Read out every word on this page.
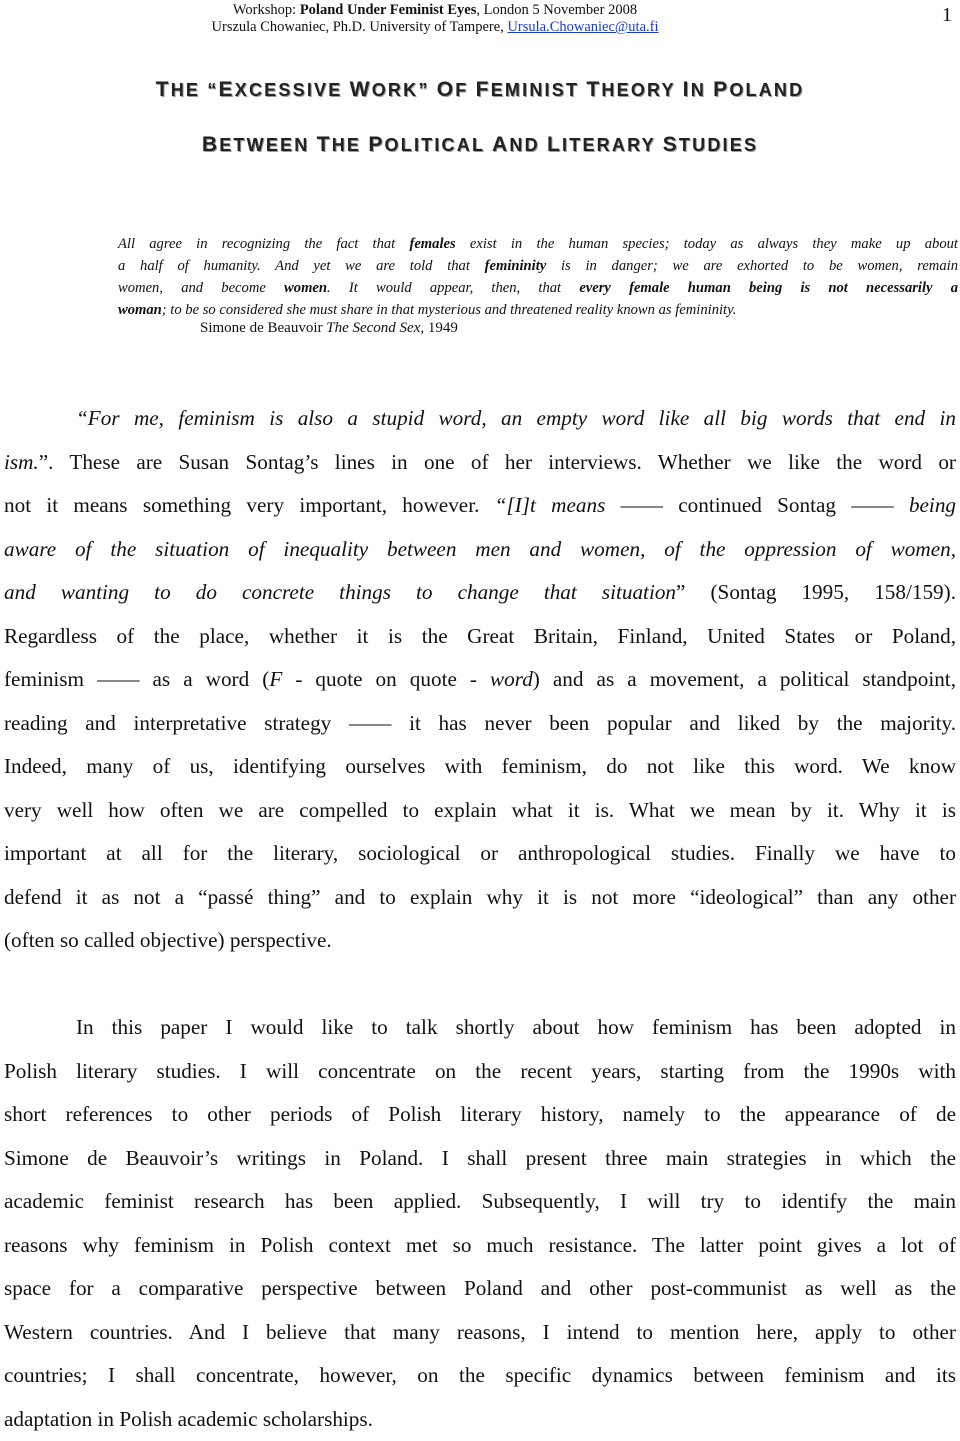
Workshop: Poland Under Feminist Eyes, London 5 November 2008
Urszula Chowaniec, Ph.D. University of Tampere, Ursula.Chowaniec@uta.fi
1
THE “EXCESSIVE WORK” OF FEMINIST THEORY IN POLAND
BETWEEN THE POLITICAL AND LITERARY STUDIES
All agree in recognizing the fact that females exist in the human species; today as always they make up about
a half of humanity. And yet we are told that femininity is in danger; we are exhorted to be women, remain
women, and become women. It would appear, then, that every female human being is not necessarily a
woman; to be so considered she must share in that mysterious and threatened reality known as femininity.
Simone de Beauvoir The Second Sex, 1949
“For me, feminism is also a stupid word, an empty word like all big words that end in
ism.”. These are Susan Sontag’s lines in one of her interviews. Whether we like the word or
not it means something very important, however. “[I]t means —— continued Sontag —— being
aware of the situation of inequality between men and women, of the oppression of women,
and wanting to do concrete things to change that situation” (Sontag 1995, 158/159).
Regardless of the place, whether it is the Great Britain, Finland, United States or Poland,
feminism —— as a word (F - quote on quote - word) and as a movement, a political standpoint,
reading and interpretative strategy —— it has never been popular and liked by the majority.
Indeed, many of us, identifying ourselves with feminism, do not like this word. We know
very well how often we are compelled to explain what it is. What we mean by it. Why it is
important at all for the literary, sociological or anthropological studies. Finally we have to
defend it as not a “passé thing” and to explain why it is not more “ideological” than any other
(often so called objective) perspective.
In this paper I would like to talk shortly about how feminism has been adopted in
Polish literary studies. I will concentrate on the recent years, starting from the 1990s with
short references to other periods of Polish literary history, namely to the appearance of de
Simone de Beauvoir’s writings in Poland. I shall present three main strategies in which the
academic feminist research has been applied. Subsequently, I will try to identify the main
reasons why feminism in Polish context met so much resistance. The latter point gives a lot of
space for a comparative perspective between Poland and other post-communist as well as the
Western countries. And I believe that many reasons, I intend to mention here, apply to other
countries; I shall concentrate, however, on the specific dynamics between feminism and its
adaptation in Polish academic scholarships.
